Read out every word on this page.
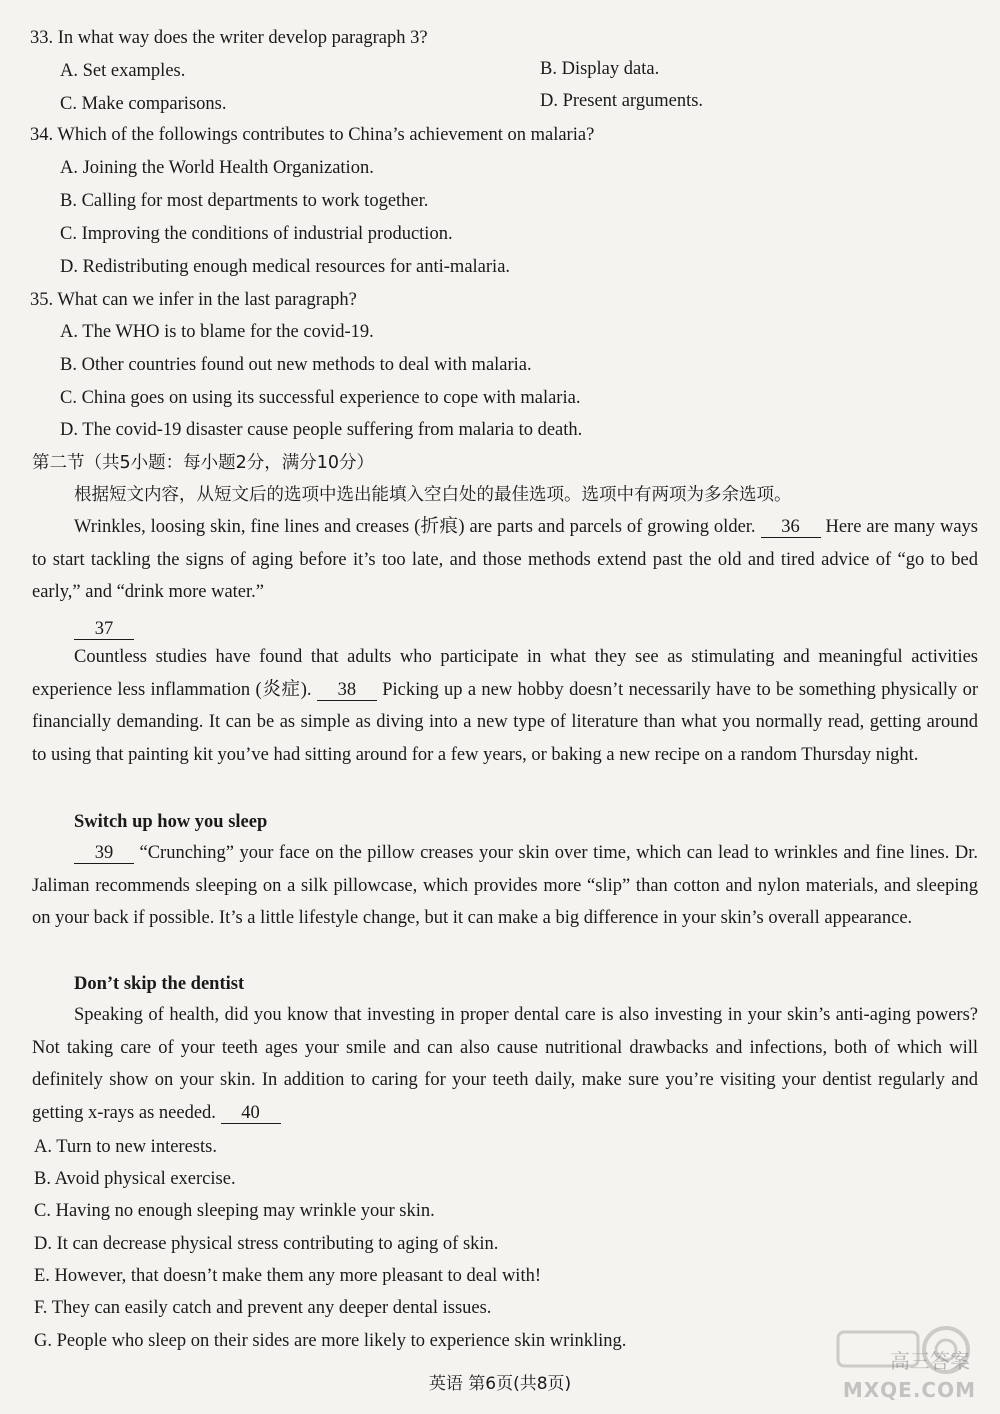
33. In what way does the writer develop paragraph 3?
A. Set examples.	B. Display data.
C. Make comparisons.	D. Present arguments.
34. Which of the followings contributes to China’s achievement on malaria?
A. Joining the World Health Organization.
B. Calling for most departments to work together.
C. Improving the conditions of industrial production.
D. Redistributing enough medical resources for anti-malaria.
35. What can we infer in the last paragraph?
A. The WHO is to blame for the covid-19.
B. Other countries found out new methods to deal with malaria.
C. China goes on using its successful experience to cope with malaria.
D. The covid-19 disaster cause people suffering from malaria to death.
第二节（共5小题：每小题2分，满分10分）
根据短文内容，从短文后的选项中选出能填入空白处的最佳选项。选项中有两项为多余选项。
Wrinkles, loosing skin, fine lines and creases (折痕) are parts and parcels of growing older. 36 Here are many ways to start tackling the signs of aging before it’s too late, and those methods extend past the old and tired advice of “go to bed early,” and “drink more water.”
37
Countless studies have found that adults who participate in what they see as stimulating and meaningful activities experience less inflammation (炎症). 38 Picking up a new hobby doesn’t necessarily have to be something physically or financially demanding. It can be as simple as diving into a new type of literature than what you normally read, getting around to using that painting kit you’ve had sitting around for a few years, or baking a new recipe on a random Thursday night.
Switch up how you sleep
39 “Crunching” your face on the pillow creases your skin over time, which can lead to wrinkles and fine lines. Dr. Jaliman recommends sleeping on a silk pillowcase, which provides more “slip” than cotton and nylon materials, and sleeping on your back if possible. It’s a little lifestyle change, but it can make a big difference in your skin’s overall appearance.
Don’t skip the dentist
Speaking of health, did you know that investing in proper dental care is also investing in your skin’s anti-aging powers? Not taking care of your teeth ages your smile and can also cause nutritional drawbacks and infections, both of which will definitely show on your skin. In addition to caring for your teeth daily, make sure you’re visiting your dentist regularly and getting x-rays as needed. 40
A. Turn to new interests.
B. Avoid physical exercise.
C. Having no enough sleeping may wrinkle your skin.
D. It can decrease physical stress contributing to aging of skin.
E. However, that doesn’t make them any more pleasant to deal with!
F. They can easily catch and prevent any deeper dental issues.
G. People who sleep on their sides are more likely to experience skin wrinkling.
英语 第6页(共8页)
高三答案
MXQE.COM
